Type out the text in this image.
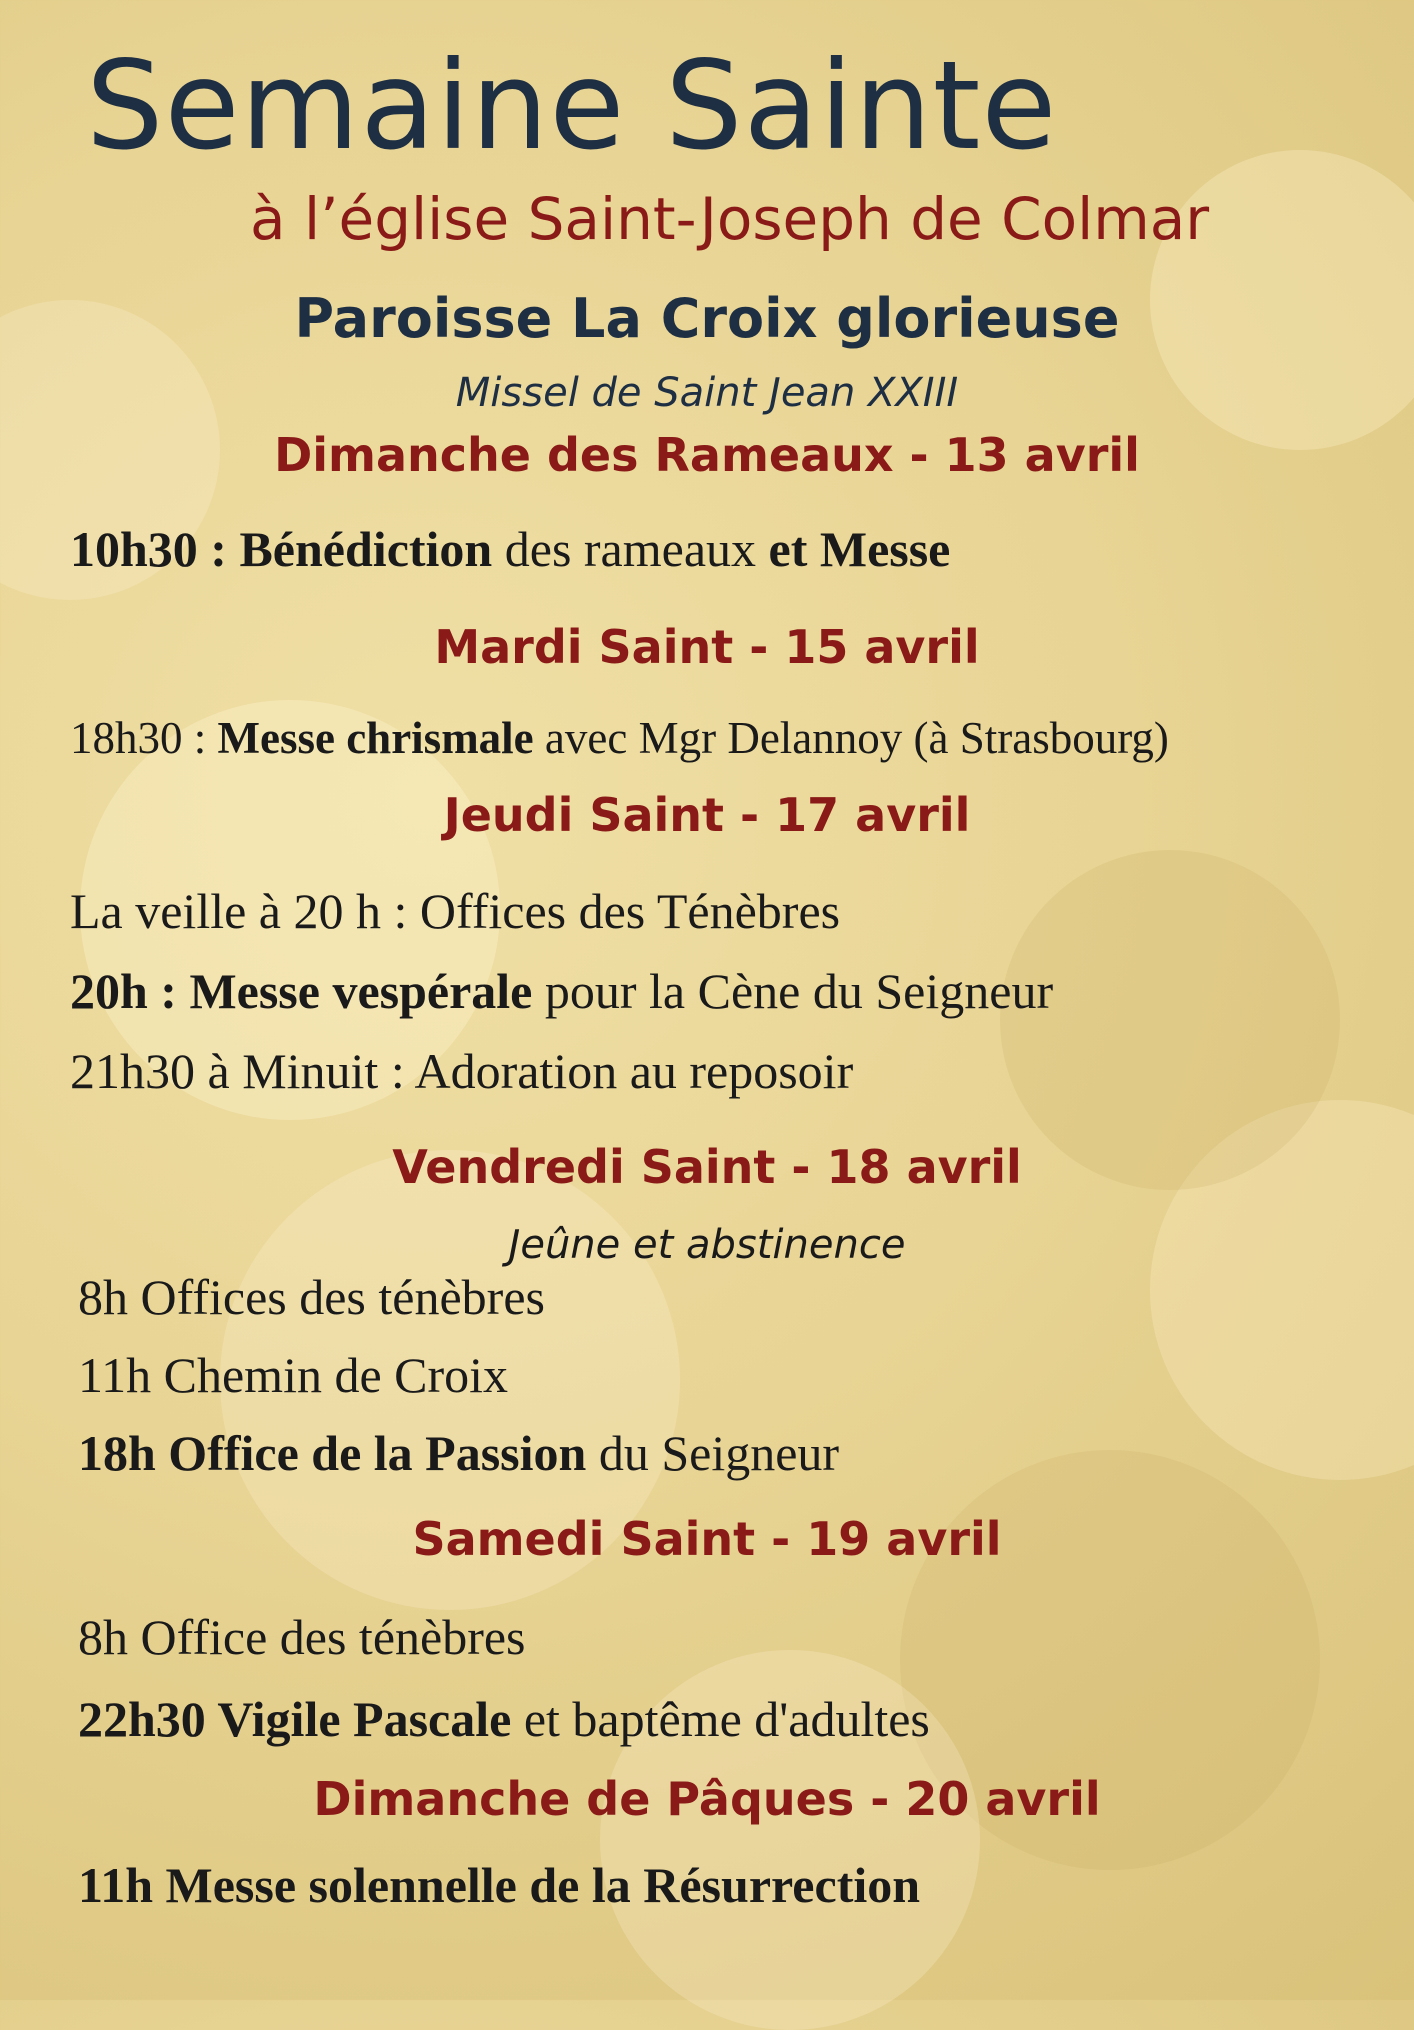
Semaine Sainte
à l’église Saint-Joseph de Colmar
Paroisse La Croix glorieuse
Missel de Saint Jean XXIII
Dimanche des Rameaux - 13 avril
10h30 : Bénédiction des rameaux et Messe
Mardi Saint - 15 avril
18h30 : Messe chrismale avec Mgr Delannoy (à Strasbourg)
Jeudi Saint - 17 avril
La veille à 20 h : Offices des Ténèbres
20h : Messe vespérale pour la Cène du Seigneur
21h30 à Minuit : Adoration au reposoir
Vendredi Saint - 18 avril
Jeûne et abstinence
8h Offices des ténèbres
11h Chemin de Croix
18h Office de la Passion du Seigneur
Samedi Saint - 19 avril
8h Office des ténèbres
22h30 Vigile Pascale et baptême d'adultes
Dimanche de Pâques - 20 avril
11h Messe solennelle de la Résurrection
